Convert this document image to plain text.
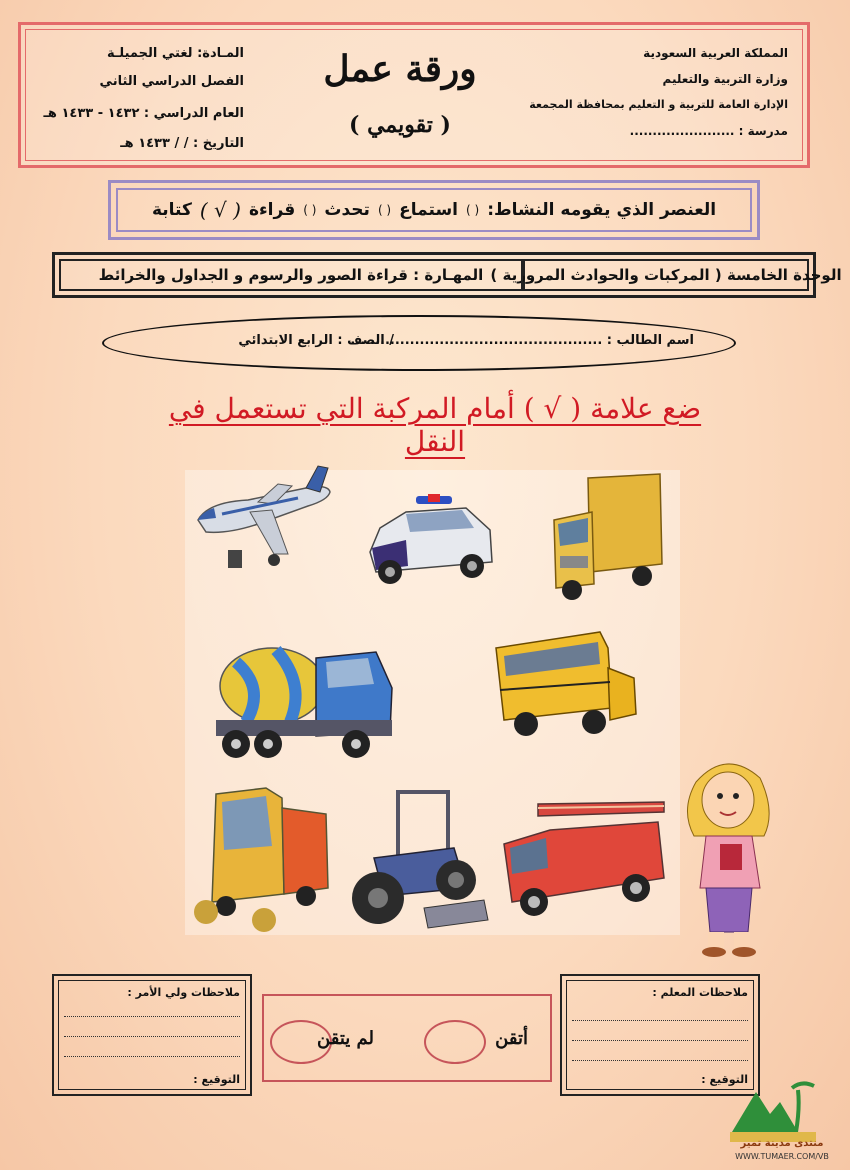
المملكة العربية السعودية
وزارة التربية والتعليم
الإدارة العامة للتربية و التعليم بمحافظة المجمعة
مدرسة : .......................
ورقة عمل
( تقويمي )
المـادة: لغتي الجميلـة
الفصل الدراسي الثاني
العام الدراسي : ١٤٣٢ - ١٤٣٣ هـ
التاريخ : / / ١٤٣٣ هـ
العنصر الذي يقومه النشاط:
( )
استماع
( )
تحدث
( )
قراءة
( √ )
كتابة
الوحدة الخامسة ( المركبات والحوادث المرورية )
المهـارة : قراءة الصور والرسوم و الجداول والخرائط
اسم الطالب : ...................................................
/ الصف : الرابع الابتدائي
ضع علامة ( √ ) أمام المركبة التي تستعمل في النقل
ملاحظات ولي الأمر :
التوقيع :
أتقن
لم يتقن
ملاحظات المعلم :
التوقيع :
منتدى مدينة تمير
WWW.TUMAER.COM/VB
